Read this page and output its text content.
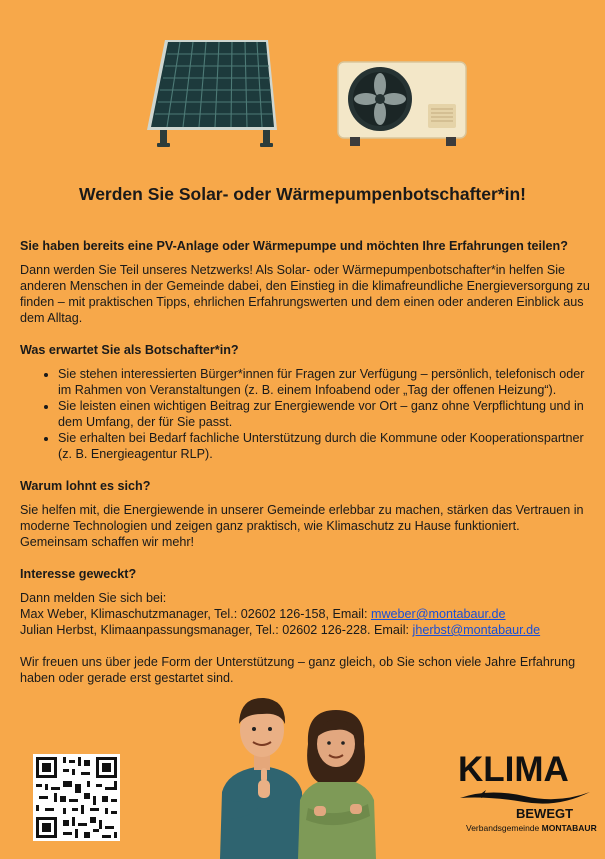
Werden Sie Solar- oder Wärmepumpenbotschafter*in!
Sie haben bereits eine PV-Anlage oder Wärmepumpe und möchten Ihre Erfahrungen teilen?

Dann werden Sie Teil unseres Netzwerks! Als Solar- oder Wärmepumpenbotschafter*in helfen Sie anderen Menschen in der Gemeinde dabei, den Einstieg in die klimafreundliche Energieversorgung zu finden – mit praktischen Tipps, ehrlichen Erfahrungswerten und dem einen oder anderen Einblick aus dem Alltag.

Was erwartet Sie als Botschafter*in?
• Sie stehen interessierten Bürger*innen für Fragen zur Verfügung – persönlich, telefonisch oder im Rahmen von Veranstaltungen (z. B. einem Infoabend oder „Tag der offenen Heizung“).
• Sie leisten einen wichtigen Beitrag zur Energiewende vor Ort – ganz ohne Verpflichtung und in dem Umfang, der für Sie passt.
• Sie erhalten bei Bedarf fachliche Unterstützung durch die Kommune oder Kooperationspartner (z. B. Energieagentur RLP).
Warum lohnt es sich?

Sie helfen mit, die Energiewende in unserer Gemeinde erlebbar zu machen, stärken das Vertrauen in moderne Technologien und zeigen ganz praktisch, wie Klimaschutz zu Hause funktioniert. Gemeinsam schaffen wir mehr!

Interesse geweckt?

Dann melden Sie sich bei:

Max Weber, Klimaschutzmanager, Tel.: 02602 126-158, Email: mweber@montabaur.de

Julian Herbst, Klimaanpassungsmanager, Tel.: 02602 126-228. Email: jherbst@montabaur.de

Wir freuen uns über jede Form der Unterstützung – ganz gleich, ob Sie schon viele Jahre Erfahrung haben oder gerade erst gestartet sind.

KLIMA
BEWEGT
Verbandsgemeinde MONTABAUR
